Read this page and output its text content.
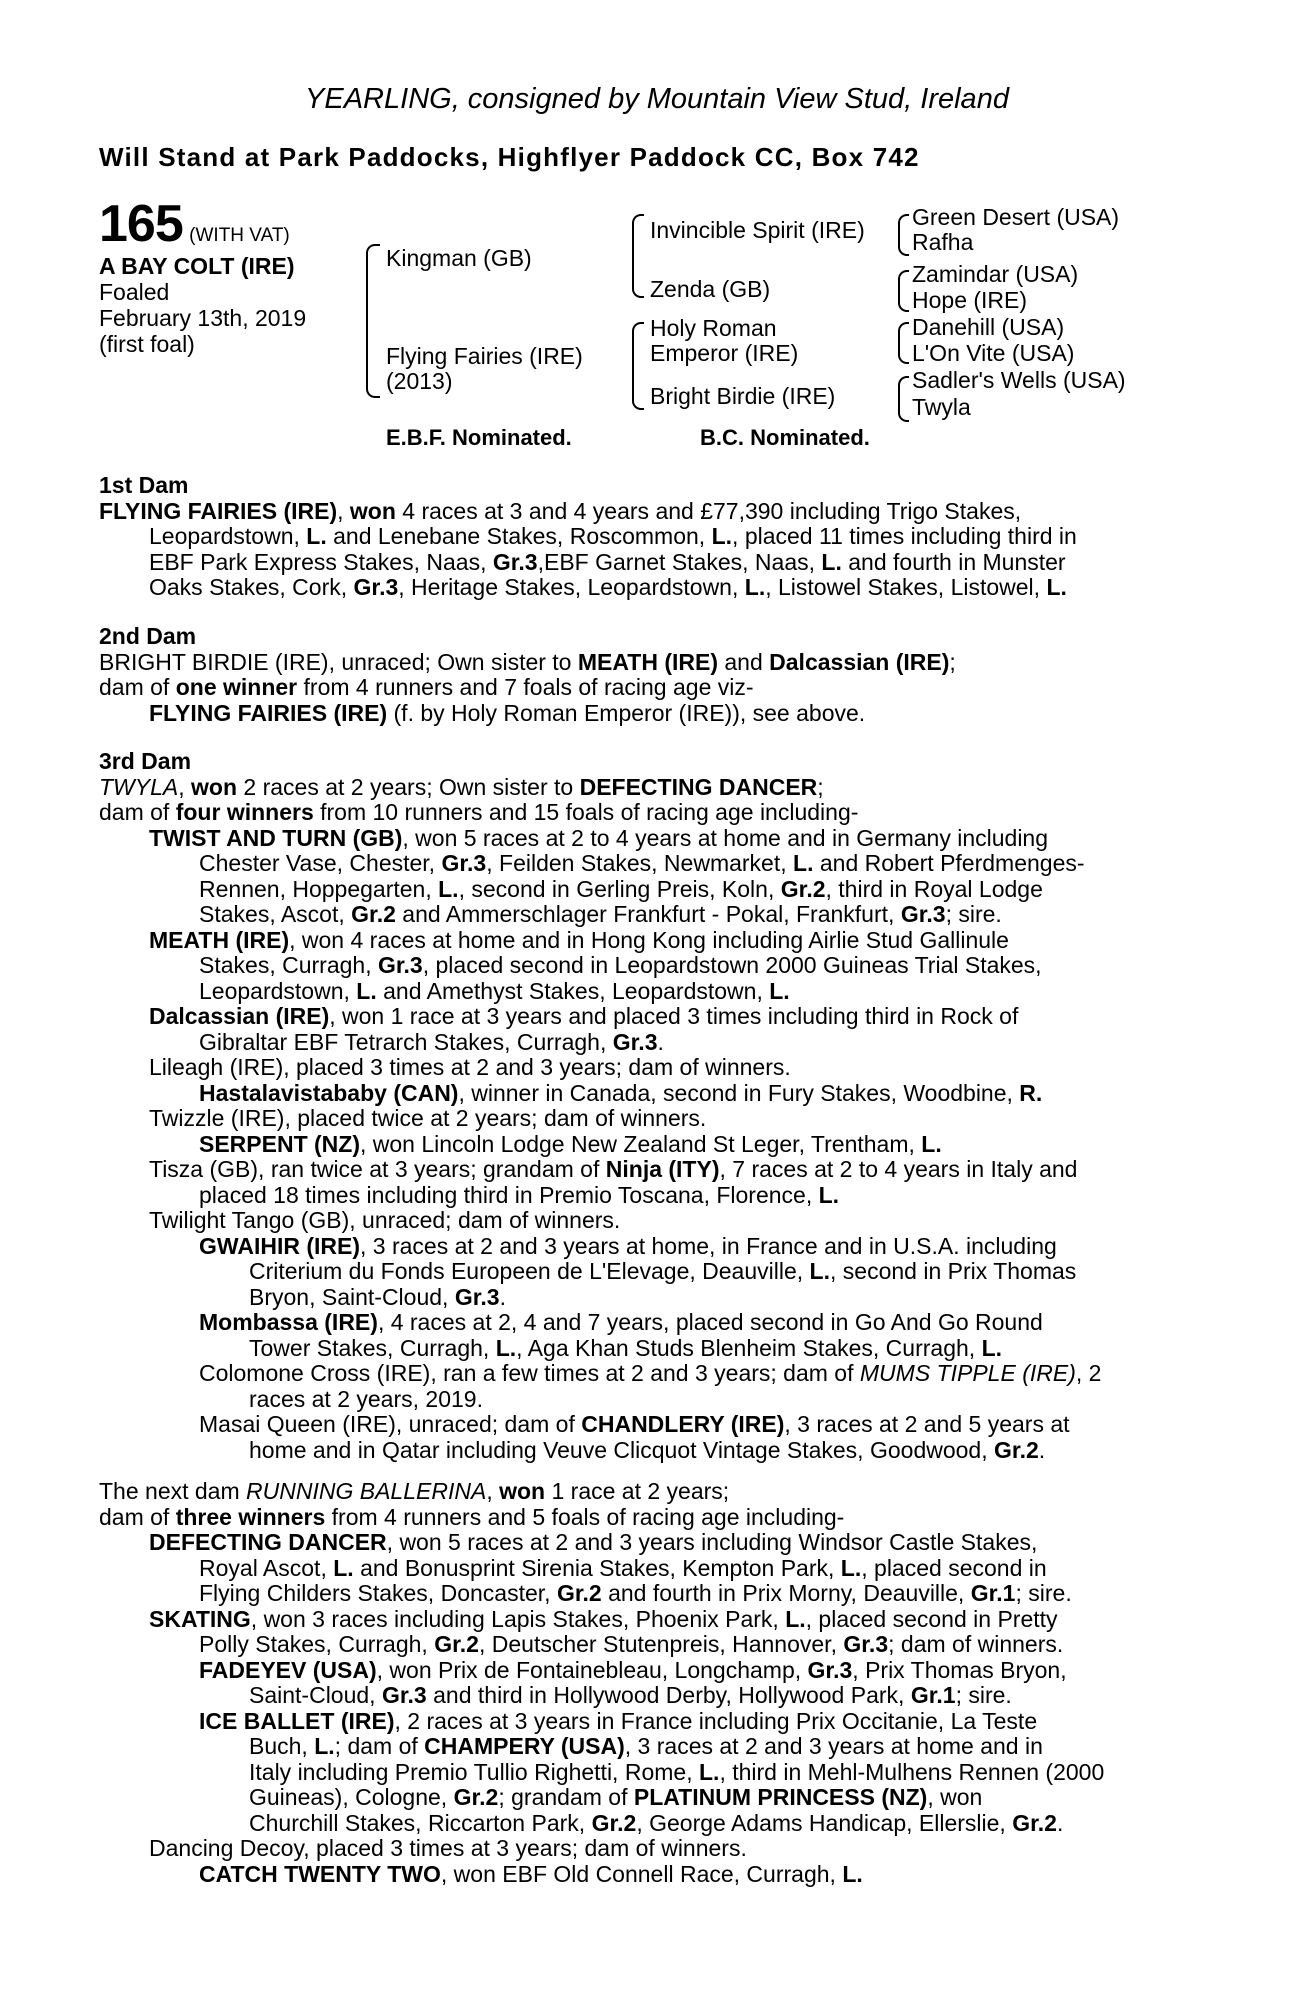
YEARLING, consigned by Mountain View Stud, Ireland
Will Stand at Park Paddocks, Highflyer Paddock CC, Box 742
165 (WITH VAT)
A BAY COLT (IRE)
Foaled
February 13th, 2019
(first foal)
Kingman (GB)
Flying Fairies (IRE)
(2013)
Invincible Spirit (IRE)
Zenda (GB)
Holy Roman
Emperor (IRE)
Bright Birdie (IRE)
Green Desert (USA)
Rafha
Zamindar (USA)
Hope (IRE)
Danehill (USA)
L'On Vite (USA)
Sadler's Wells (USA)
Twyla
E.B.F. Nominated.	B.C. Nominated.
1st Dam
FLYING FAIRIES (IRE), won 4 races at 3 and 4 years and £77,390 including Trigo Stakes,
Leopardstown, L. and Lenebane Stakes, Roscommon, L., placed 11 times including third in
EBF Park Express Stakes, Naas, Gr.3,EBF Garnet Stakes, Naas, L. and fourth in Munster
Oaks Stakes, Cork, Gr.3, Heritage Stakes, Leopardstown, L., Listowel Stakes, Listowel, L.
2nd Dam
BRIGHT BIRDIE (IRE), unraced; Own sister to MEATH (IRE) and Dalcassian (IRE);
dam of one winner from 4 runners and 7 foals of racing age viz-
FLYING FAIRIES (IRE) (f. by Holy Roman Emperor (IRE)), see above.
3rd Dam
TWYLA, won 2 races at 2 years; Own sister to DEFECTING DANCER;
dam of four winners from 10 runners and 15 foals of racing age including-
TWIST AND TURN (GB), won 5 races at 2 to 4 years at home and in Germany including
Chester Vase, Chester, Gr.3, Feilden Stakes, Newmarket, L. and Robert Pferdmenges-
Rennen, Hoppegarten, L., second in Gerling Preis, Koln, Gr.2, third in Royal Lodge
Stakes, Ascot, Gr.2 and Ammerschlager Frankfurt - Pokal, Frankfurt, Gr.3; sire.
MEATH (IRE), won 4 races at home and in Hong Kong including Airlie Stud Gallinule
Stakes, Curragh, Gr.3, placed second in Leopardstown 2000 Guineas Trial Stakes,
Leopardstown, L. and Amethyst Stakes, Leopardstown, L.
Dalcassian (IRE), won 1 race at 3 years and placed 3 times including third in Rock of
Gibraltar EBF Tetrarch Stakes, Curragh, Gr.3.
Lileagh (IRE), placed 3 times at 2 and 3 years; dam of winners.
Hastalavistababy (CAN), winner in Canada, second in Fury Stakes, Woodbine, R.
Twizzle (IRE), placed twice at 2 years; dam of winners.
SERPENT (NZ), won Lincoln Lodge New Zealand St Leger, Trentham, L.
Tisza (GB), ran twice at 3 years; grandam of Ninja (ITY), 7 races at 2 to 4 years in Italy and
placed 18 times including third in Premio Toscana, Florence, L.
Twilight Tango (GB), unraced; dam of winners.
GWAIHIR (IRE), 3 races at 2 and 3 years at home, in France and in U.S.A. including
Criterium du Fonds Europeen de L'Elevage, Deauville, L., second in Prix Thomas
Bryon, Saint-Cloud, Gr.3.
Mombassa (IRE), 4 races at 2, 4 and 7 years, placed second in Go And Go Round
Tower Stakes, Curragh, L., Aga Khan Studs Blenheim Stakes, Curragh, L.
Colomone Cross (IRE), ran a few times at 2 and 3 years; dam of MUMS TIPPLE (IRE), 2
races at 2 years, 2019.
Masai Queen (IRE), unraced; dam of CHANDLERY (IRE), 3 races at 2 and 5 years at
home and in Qatar including Veuve Clicquot Vintage Stakes, Goodwood, Gr.2.
The next dam RUNNING BALLERINA, won 1 race at 2 years;
dam of three winners from 4 runners and 5 foals of racing age including-
DEFECTING DANCER, won 5 races at 2 and 3 years including Windsor Castle Stakes,
Royal Ascot, L. and Bonusprint Sirenia Stakes, Kempton Park, L., placed second in
Flying Childers Stakes, Doncaster, Gr.2 and fourth in Prix Morny, Deauville, Gr.1; sire.
SKATING, won 3 races including Lapis Stakes, Phoenix Park, L., placed second in Pretty
Polly Stakes, Curragh, Gr.2, Deutscher Stutenpreis, Hannover, Gr.3; dam of winners.
FADEYEV (USA), won Prix de Fontainebleau, Longchamp, Gr.3, Prix Thomas Bryon,
Saint-Cloud, Gr.3 and third in Hollywood Derby, Hollywood Park, Gr.1; sire.
ICE BALLET (IRE), 2 races at 3 years in France including Prix Occitanie, La Teste
Buch, L.; dam of CHAMPERY (USA), 3 races at 2 and 3 years at home and in
Italy including Premio Tullio Righetti, Rome, L., third in Mehl-Mulhens Rennen (2000
Guineas), Cologne, Gr.2; grandam of PLATINUM PRINCESS (NZ), won
Churchill Stakes, Riccarton Park, Gr.2, George Adams Handicap, Ellerslie, Gr.2.
Dancing Decoy, placed 3 times at 3 years; dam of winners.
CATCH TWENTY TWO, won EBF Old Connell Race, Curragh, L.
